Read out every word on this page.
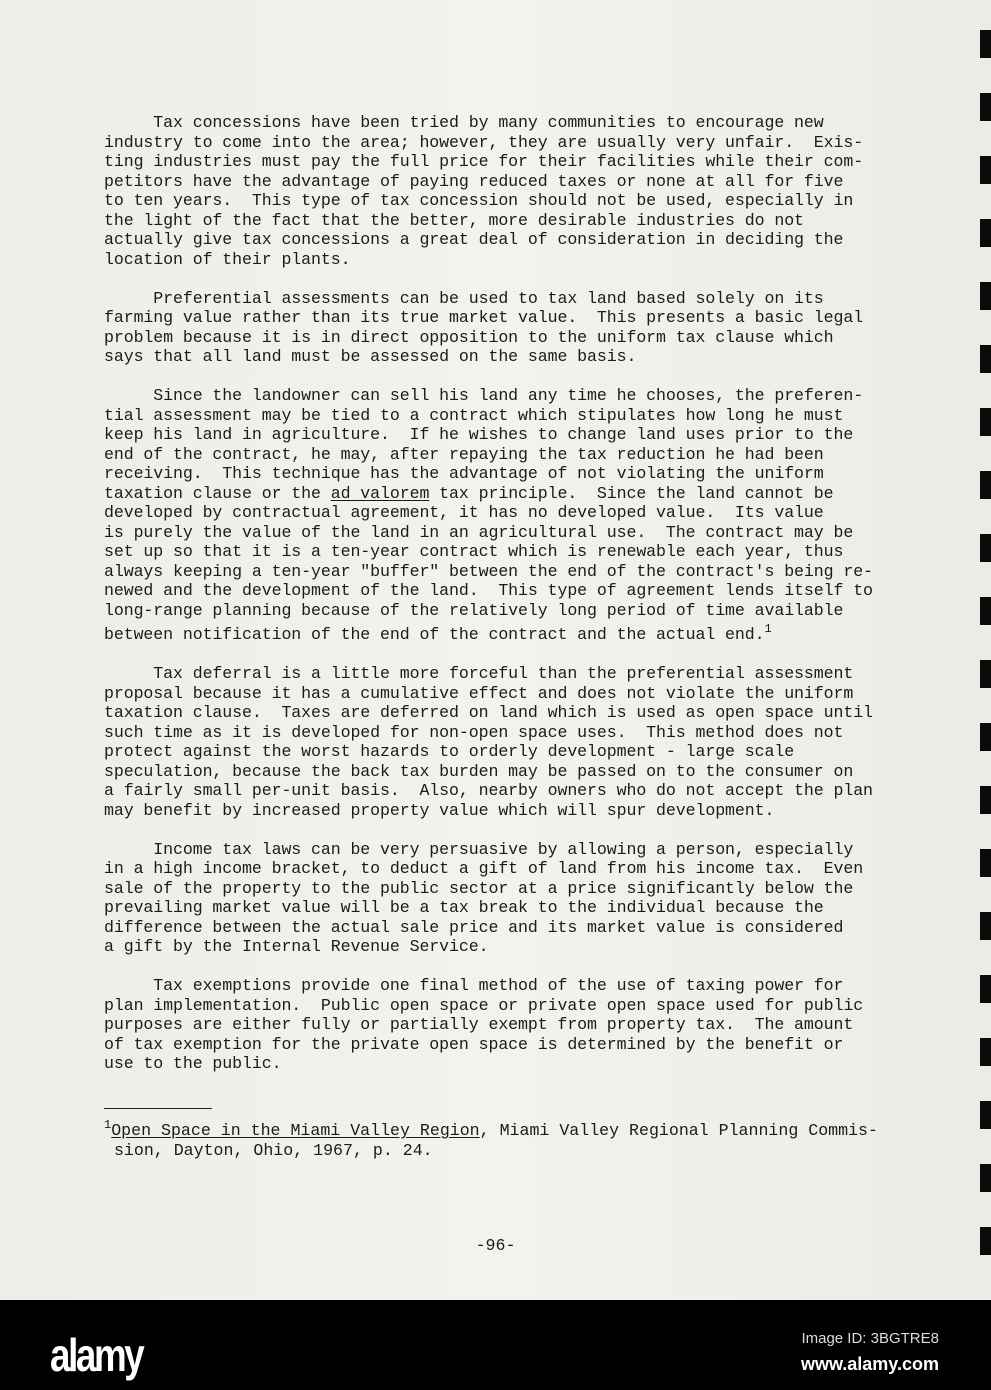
Tax concessions have been tried by many communities to encourage new
industry to come into the area; however, they are usually very unfair.  Exis-
ting industries must pay the full price for their facilities while their com-
petitors have the advantage of paying reduced taxes or none at all for five
to ten years.  This type of tax concession should not be used, especially in
the light of the fact that the better, more desirable industries do not
actually give tax concessions a great deal of consideration in deciding the
location of their plants.
Preferential assessments can be used to tax land based solely on its
farming value rather than its true market value.  This presents a basic legal
problem because it is in direct opposition to the uniform tax clause which
says that all land must be assessed on the same basis.
Since the landowner can sell his land any time he chooses, the preferen-
tial assessment may be tied to a contract which stipulates how long he must
keep his land in agriculture.  If he wishes to change land uses prior to the
end of the contract, he may, after repaying the tax reduction he had been
receiving.  This technique has the advantage of not violating the uniform
taxation clause or the ad valorem tax principle.  Since the land cannot be
developed by contractual agreement, it has no developed value.  Its value
is purely the value of the land in an agricultural use.  The contract may be
set up so that it is a ten-year contract which is renewable each year, thus
always keeping a ten-year "buffer" between the end of the contract's being re-
newed and the development of the land.  This type of agreement lends itself to
long-range planning because of the relatively long period of time available
between notification of the end of the contract and the actual end.$^1$
Tax deferral is a little more forceful than the preferential assessment
proposal because it has a cumulative effect and does not violate the uniform
taxation clause.  Taxes are deferred on land which is used as open space until
such time as it is developed for non-open space uses.  This method does not
protect against the worst hazards to orderly development - large scale
speculation, because the back tax burden may be passed on to the consumer on
a fairly small per-unit basis.  Also, nearby owners who do not accept the plan
may benefit by increased property value which will spur development.
Income tax laws can be very persuasive by allowing a person, especially
in a high income bracket, to deduct a gift of land from his income tax.  Even
sale of the property to the public sector at a price significantly below the
prevailing market value will be a tax break to the individual because the
difference between the actual sale price and its market value is considered
a gift by the Internal Revenue Service.
Tax exemptions provide one final method of the use of taxing power for
plan implementation.  Public open space or private open space used for public
purposes are either fully or partially exempt from property tax.  The amount
of tax exemption for the private open space is determined by the benefit or
use to the public.
$^1$Open Space in the Miami Valley Region, Miami Valley Regional Planning Commis-
sion, Dayton, Ohio, 1967, p. 24.
-96-
alamy	Image ID: 3BGTRE8
www.alamy.com
